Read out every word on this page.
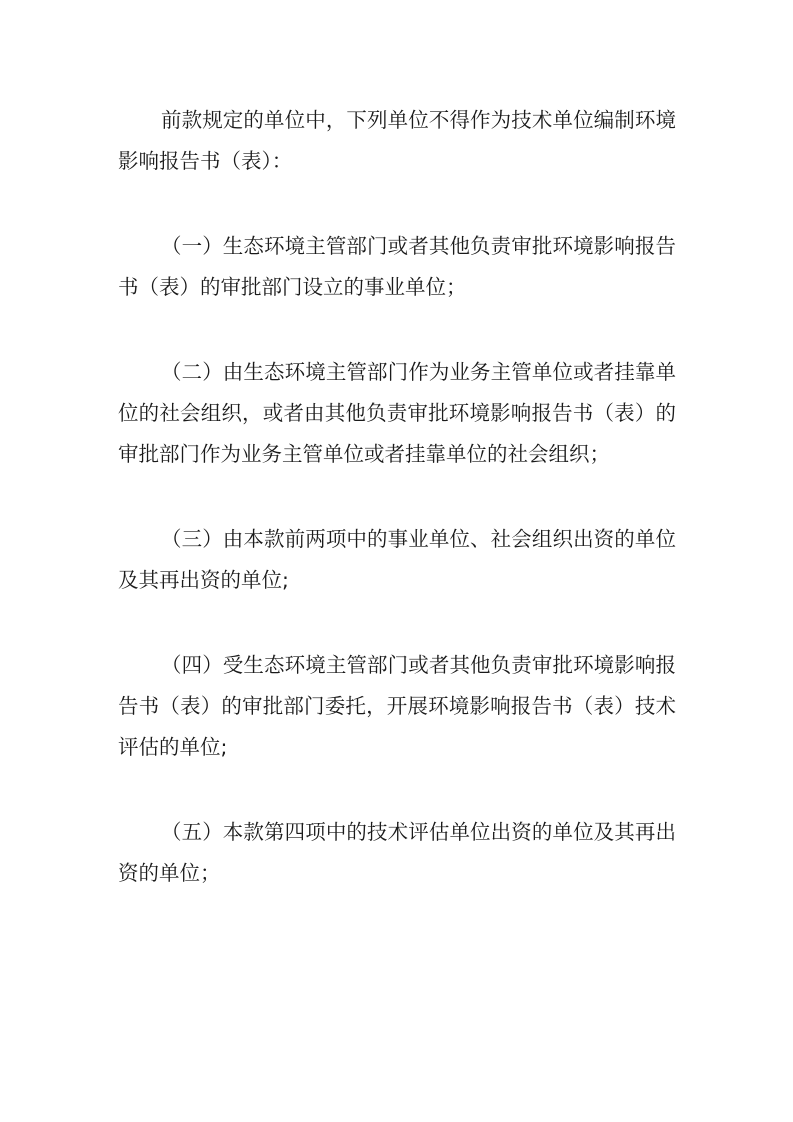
前款规定的单位中，下列单位不得作为技术单位编制环境影响报告书（表）：

（一）生态环境主管部门或者其他负责审批环境影响报告书（表）的审批部门设立的事业单位；

（二）由生态环境主管部门作为业务主管单位或者挂靠单位的社会组织，或者由其他负责审批环境影响报告书（表）的审批部门作为业务主管单位或者挂靠单位的社会组织；

（三）由本款前两项中的事业单位、社会组织出资的单位及其再出资的单位;

（四）受生态环境主管部门或者其他负责审批环境影响报告书（表）的审批部门委托，开展环境影响报告书（表）技术评估的单位;

（五）本款第四项中的技术评估单位出资的单位及其再出资的单位；
